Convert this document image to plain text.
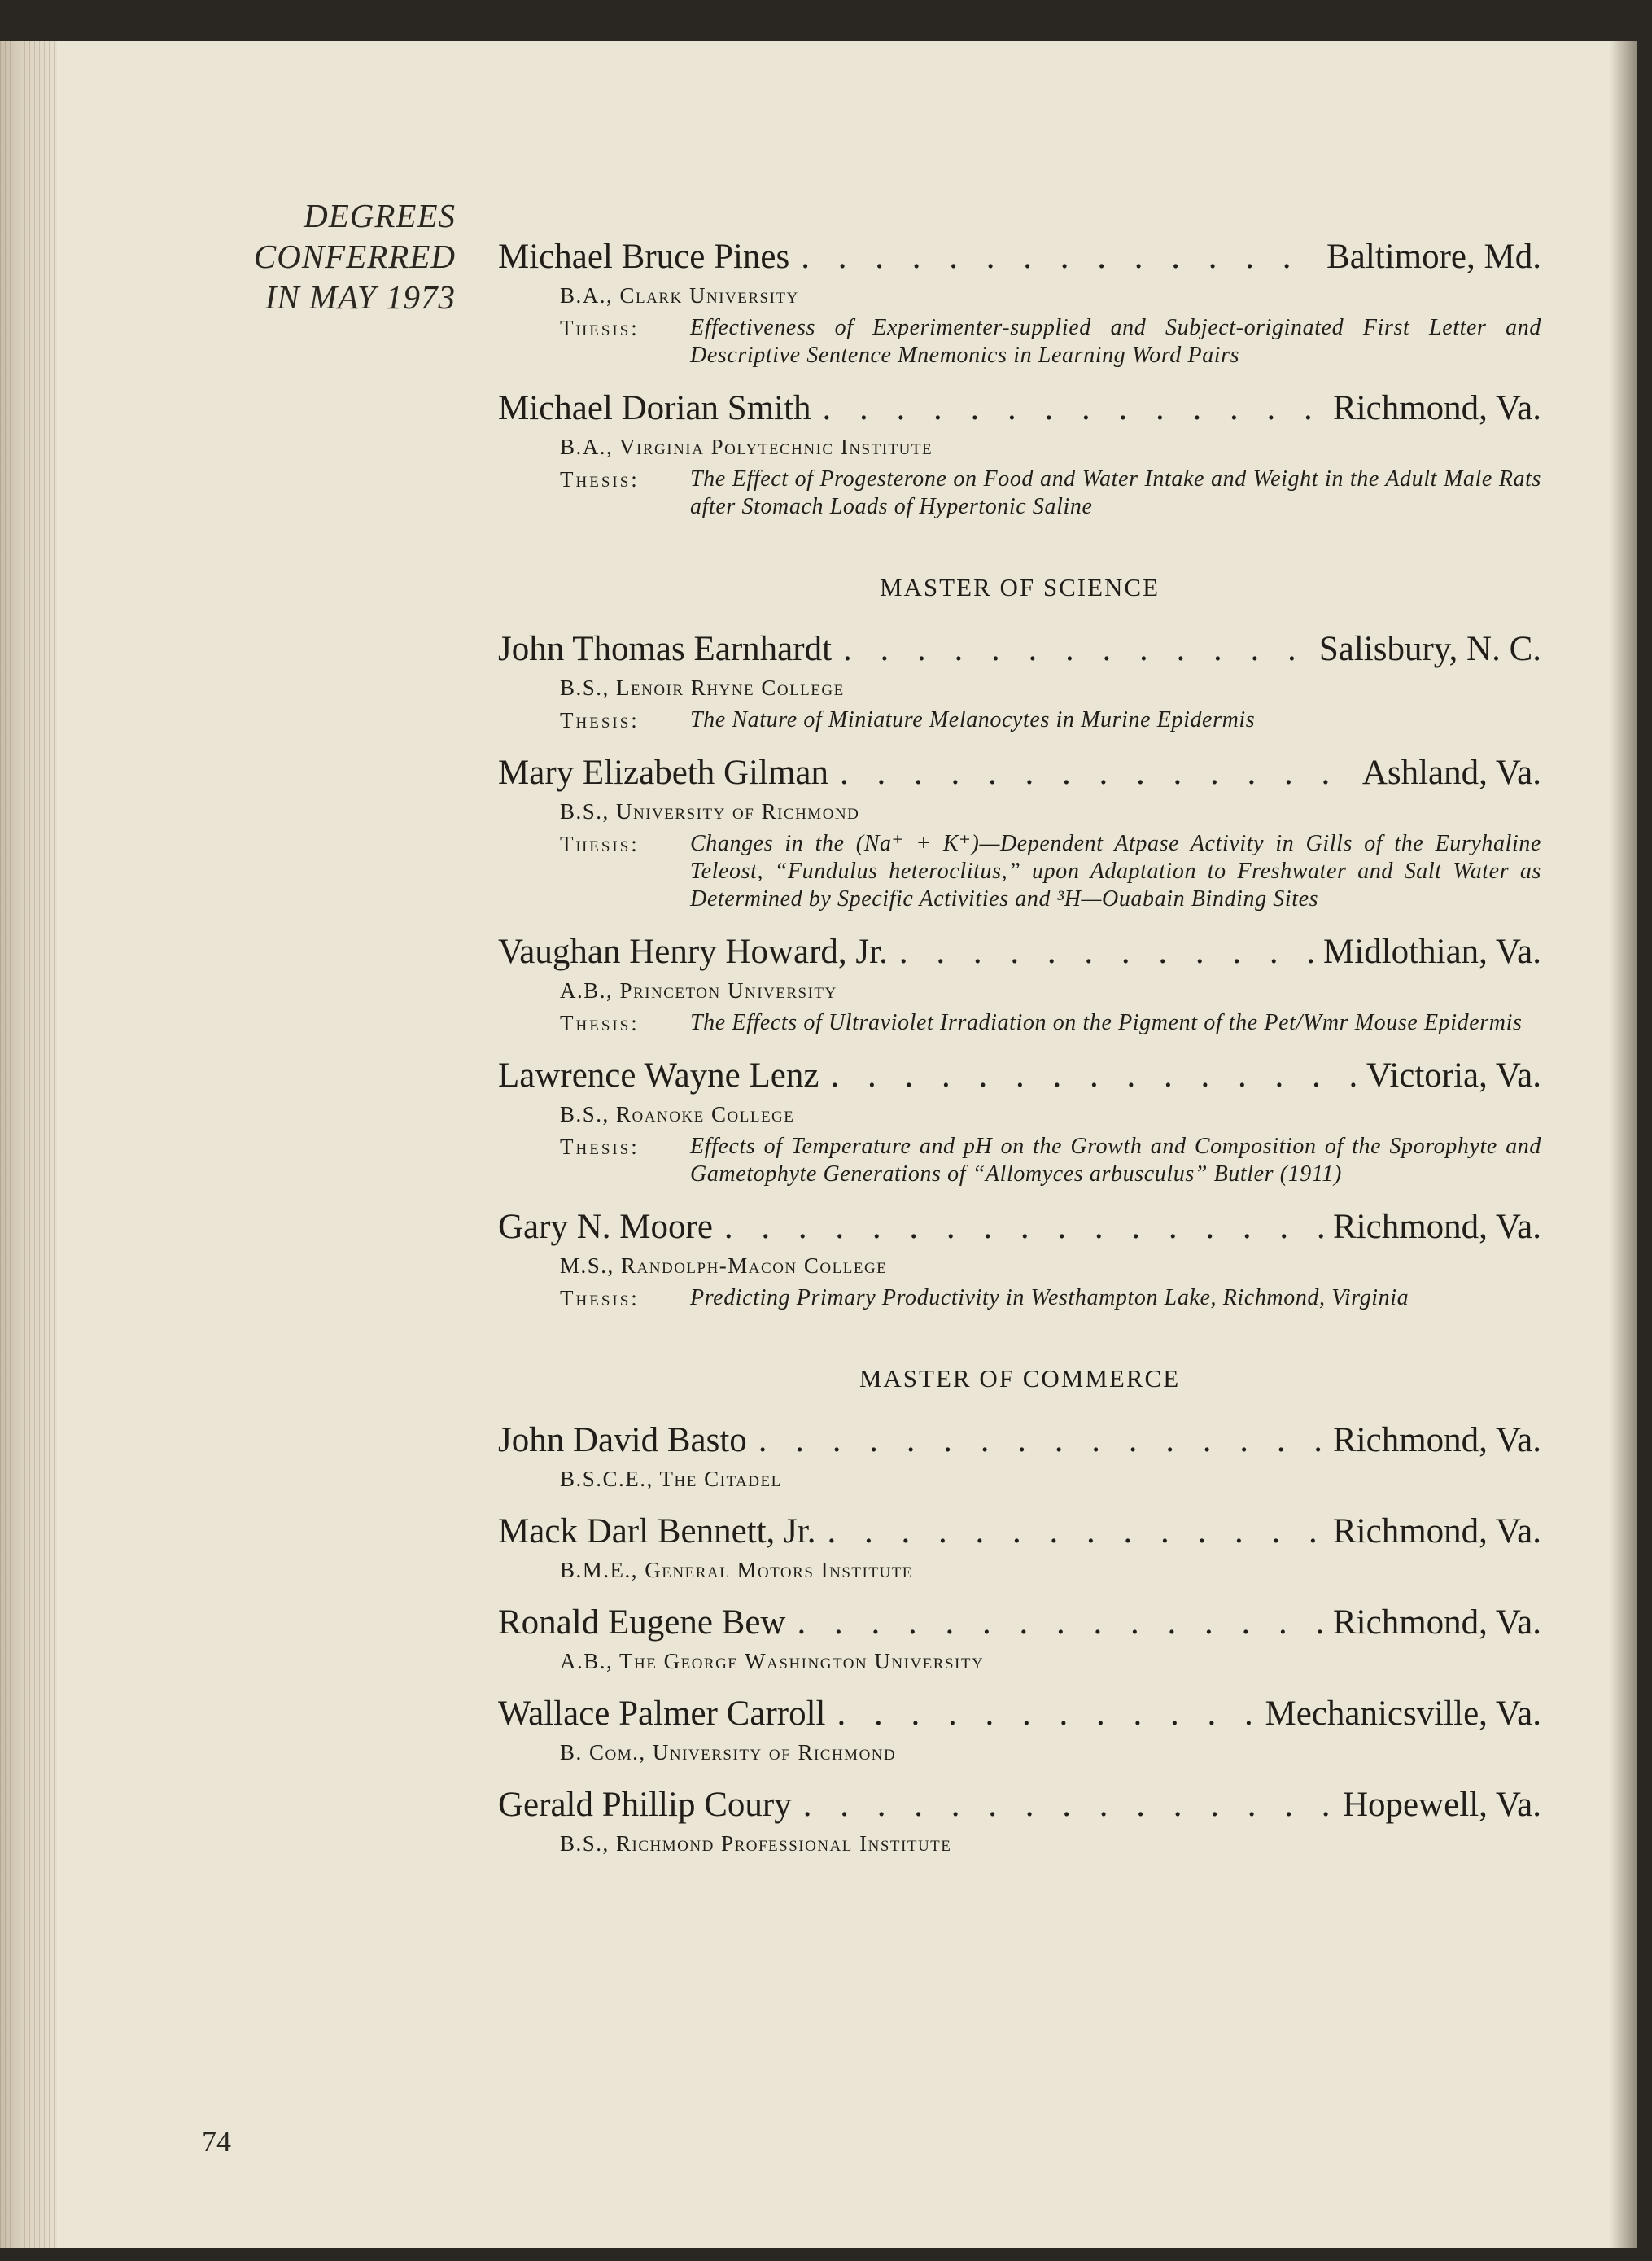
DEGREES
CONFERRED
IN MAY 1973
Michael Bruce Pines . . .	Baltimore, Md.
B.A., Clark University
Thesis:	Effectiveness of Experimenter-supplied and Subject-originated First Letter and Descriptive Sentence Mnemonics in Learning Word Pairs
Michael Dorian Smith . . .	Richmond, Va.
B.A., Virginia Polytechnic Institute
Thesis:	The Effect of Progesterone on Food and Water Intake and Weight in the Adult Male Rats after Stomach Loads of Hypertonic Saline
MASTER OF SCIENCE
John Thomas Earnhardt . . .	Salisbury, N. C.
B.S., Lenoir Rhyne College
Thesis:	The Nature of Miniature Melanocytes in Murine Epidermis
Mary Elizabeth Gilman . . .	Ashland, Va.
B.S., University of Richmond
Thesis:	Changes in the (Na⁺ + K⁺)—Dependent Atpase Activity in Gills of the Euryhaline Teleost, “Fundulus heteroclitus,” upon Adaptation to Freshwater and Salt Water as Determined by Specific Activities and ³H—Ouabain Binding Sites
Vaughan Henry Howard, Jr. . . .	Midlothian, Va.
A.B., Princeton University
Thesis:	The Effects of Ultraviolet Irradiation on the Pigment of the Pet/Wmr Mouse Epidermis
Lawrence Wayne Lenz . . .	Victoria, Va.
B.S., Roanoke College
Thesis:	Effects of Temperature and pH on the Growth and Composition of the Sporophyte and Gametophyte Generations of “Allomyces arbusculus” Butler (1911)
Gary N. Moore . . .	Richmond, Va.
M.S., Randolph-Macon College
Thesis:	Predicting Primary Productivity in Westhampton Lake, Richmond, Virginia
MASTER OF COMMERCE
John David Basto . . .	Richmond, Va.
B.S.C.E., The Citadel
Mack Darl Bennett, Jr. . . .	Richmond, Va.
B.M.E., General Motors Institute
Ronald Eugene Bew . . .	Richmond, Va.
A.B., The George Washington University
Wallace Palmer Carroll . . .	Mechanicsville, Va.
B. Com., University of Richmond
Gerald Phillip Coury . . .	Hopewell, Va.
B.S., Richmond Professional Institute
74
